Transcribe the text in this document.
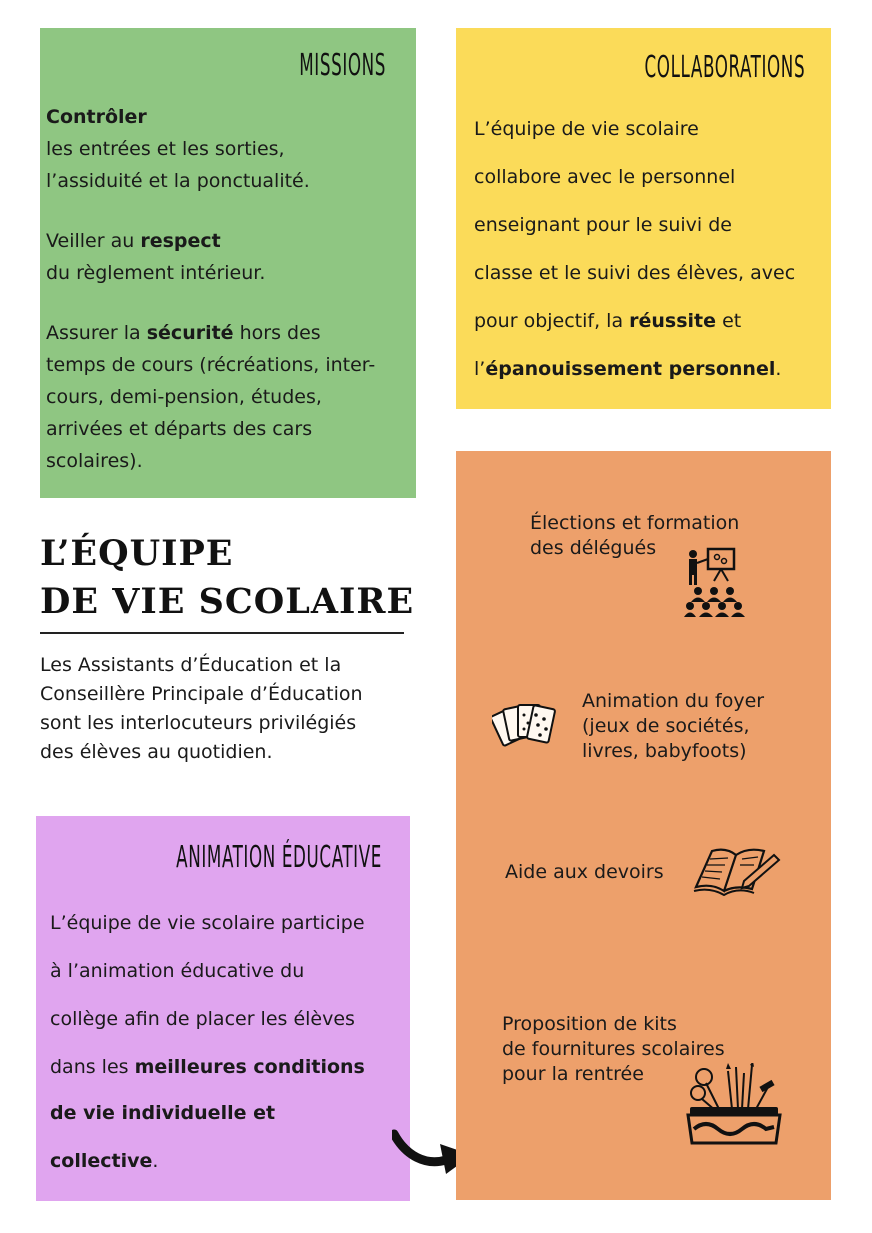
MISSIONS
Contrôler
les entrées et les sorties,
l’assiduité et la ponctualité.
Veiller au respect
du règlement intérieur.
Assurer la sécurité hors des
temps de cours (récréations, inter-
cours, demi-pension, études,
arrivées et départs des cars
scolaires).
COLLABORATIONS
L’équipe de vie scolaire
collabore avec le personnel
enseignant pour le suivi de
classe et le suivi des élèves, avec
pour objectif, la réussite et
l’épanouissement personnel.
L’ÉQUIPE
DE VIE SCOLAIRE
Les Assistants d’Éducation et la
Conseillère Principale d’Éducation
sont les interlocuteurs privilégiés
des élèves au quotidien.
ANIMATION ÉDUCATIVE
L’équipe de vie scolaire participe
à l’animation éducative du
collège afin de placer les élèves
dans les meilleures conditions
de vie individuelle et
collective.
Élections et formation
des délégués
Animation du foyer
(jeux de sociétés,
livres, babyfoots)
Aide aux devoirs
Proposition de kits
de fournitures scolaires
pour la rentrée
